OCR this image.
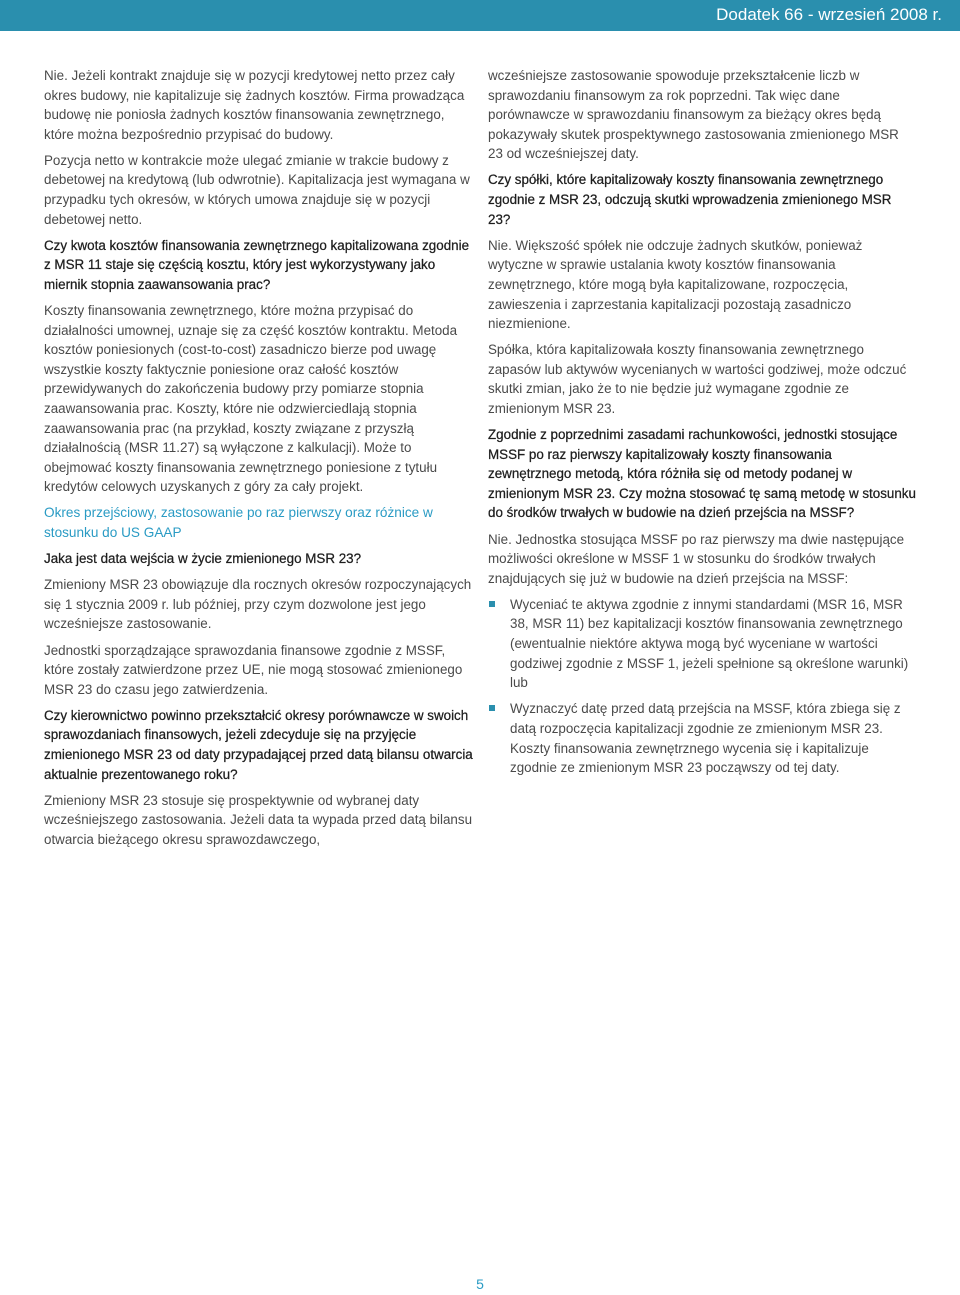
Dodatek 66 - wrzesień 2008 r.

Nie. Jeżeli kontrakt znajduje się w pozycji kredytowej netto przez cały okres budowy, nie kapitalizuje się żadnych kosztów. Firma prowadząca budowę nie poniosła żadnych kosztów finansowania zewnętrznego, które można bezpośrednio przypisać do budowy.

Pozycja netto w kontrakcie może ulegać zmianie w trakcie budowy z debetowej na kredytową (lub odwrotnie). Kapitalizacja jest wymagana w przypadku tych okresów, w których umowa znajduje się w pozycji debetowej netto.

Czy kwota kosztów finansowania zewnętrznego kapitalizowana zgodnie z MSR 11 staje się częścią kosztu, który jest wykorzystywany jako miernik stopnia zaawansowania prac?

Koszty finansowania zewnętrznego, które można przypisać do działalności umownej, uznaje się za część kosztów kontraktu. Metoda kosztów poniesionych (cost-to-cost) zasadniczo bierze pod uwagę wszystkie koszty faktycznie poniesione oraz całość kosztów przewidywanych do zakończenia budowy przy pomiarze stopnia zaawansowania prac. Koszty, które nie odzwierciedlają stopnia zaawansowania prac (na przykład, koszty związane z przyszłą działalnością (MSR 11.27) są wyłączone z kalkulacji). Może to obejmować koszty finansowania zewnętrznego poniesione z tytułu kredytów celowych uzyskanych z góry za cały projekt.

Okres przejściowy, zastosowanie po raz pierwszy oraz różnice w stosunku do US GAAP

Jaka jest data wejścia w życie zmienionego MSR 23?

Zmieniony MSR 23 obowiązuje dla rocznych okresów rozpoczynających się 1 stycznia 2009 r. lub później, przy czym dozwolone jest jego wcześniejsze zastosowanie.

Jednostki sporządzające sprawozdania finansowe zgodnie z MSSF, które zostały zatwierdzone przez UE, nie mogą stosować zmienionego MSR 23 do czasu jego zatwierdzenia.

Czy kierownictwo powinno przekształcić okresy porównawcze w swoich sprawozdaniach finansowych, jeżeli zdecyduje się na przyjęcie zmienionego MSR 23 od daty przypadającej przed datą bilansu otwarcia aktualnie prezentowanego roku?

Zmieniony MSR 23 stosuje się prospektywnie od wybranej daty wcześniejszego zastosowania. Jeżeli data ta wypada przed datą bilansu otwarcia bieżącego okresu sprawozdawczego,

wcześniejsze zastosowanie spowoduje przekształcenie liczb w sprawozdaniu finansowym za rok poprzedni. Tak więc dane porównawcze w sprawozdaniu finansowym za bieżący okres będą pokazywały skutek prospektywnego zastosowania zmienionego MSR 23 od wcześniejszej daty.

Czy spółki, które kapitalizowały koszty finansowania zewnętrznego zgodnie z MSR 23, odczują skutki wprowadzenia zmienionego MSR 23?

Nie. Większość spółek nie odczuje żadnych skutków, ponieważ wytyczne w sprawie ustalania kwoty kosztów finansowania zewnętrznego, które mogą była kapitalizowane, rozpoczęcia, zawieszenia i zaprzestania kapitalizacji pozostają zasadniczo niezmienione.

Spółka, która kapitalizowała koszty finansowania zewnętrznego zapasów lub aktywów wycenianych w wartości godziwej, może odczuć skutki zmian, jako że to nie będzie już wymagane zgodnie ze zmienionym MSR 23.

Zgodnie z poprzednimi zasadami rachunkowości, jednostki stosujące MSSF po raz pierwszy kapitalizowały koszty finansowania zewnętrznego metodą, która różniła się od metody podanej w zmienionym MSR 23. Czy można stosować tę samą metodę w stosunku do środków trwałych w budowie na dzień przejścia na MSSF?

Nie. Jednostka stosująca MSSF po raz pierwszy ma dwie następujące możliwości określone w MSSF 1 w stosunku do środków trwałych znajdujących się już w budowie na dzień przejścia na MSSF:

Wyceniać te aktywa zgodnie z innymi standardami (MSR 16, MSR 38, MSR 11) bez kapitalizacji kosztów finansowania zewnętrznego (ewentualnie niektóre aktywa mogą być wyceniane w wartości godziwej zgodnie z MSSF 1, jeżeli spełnione są określone warunki) lub
Wyznaczyć datę przed datą przejścia na MSSF, która zbiega się z datą rozpoczęcia kapitalizacji zgodnie ze zmienionym MSR 23. Koszty finansowania zewnętrznego wycenia się i kapitalizuje zgodnie ze zmienionym MSR 23 począwszy od tej daty.
5
